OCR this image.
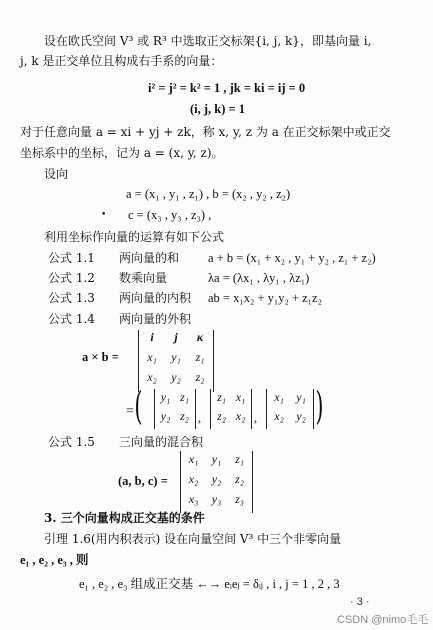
设在欧氏空间 V³ 或 R³ 中选取正交标架{i, j, k}，即基向量 i,
j, k 是正交单位且构成右手系的向量：
i² = j² = k² = 1 , jk = ki = ij = 0
(i, j, k) = 1
对于任意向量 a = xi + yj + zk，称 x, y, z 为 a 在正交标架中或正交
坐标系中的坐标，记为 a = (x, y, z)。
设向
a = (x₁ , y₁ , z₁) , b = (x₂ , y₂ , z₂)
c = (x₃ , y₃ , z₃) ,
•
利用坐标作向量的运算有如下公式
公式 1.1 两向量的和 a + b = (x₁ + x₂ , y₁ + y₂ , z₁ + z₂)
公式 1.2 数乘向量	λa = (λx₁ , λy₁ , λz₁)
公式 1.3 两向量的内积 ab = x₁x₂ + y₁y₂ + z₁z₂
公式 1.4 两向量的外积
a × b =
i	j	κ
x₁	y₁	z₁
x₂	y₂	z₂
= (	y₁ z₁
y₂ z₂ ,
z₁ x₁
z₂ x₂ ,
x₁	y₁
x₂	y₂ )
公式 1.5 三向量的混合积
(a, b, c) =
x₁	y₁	z₁
x₂	y₂	z₂
x₃	y₃	z₃
3. 三个向量构成正交基的条件
引理 1.6(用内积表示) 设在向量空间 V³ 中三个非零向量
e₁ , e₂ , e₃ , 则
e₁ , e₂ , e₃ 组成正交基 ←→ eᵢeⱼ = δᵢⱼ , i , j = 1 , 2 , 3
· 3 ·
CSDN @nimo毛毛
